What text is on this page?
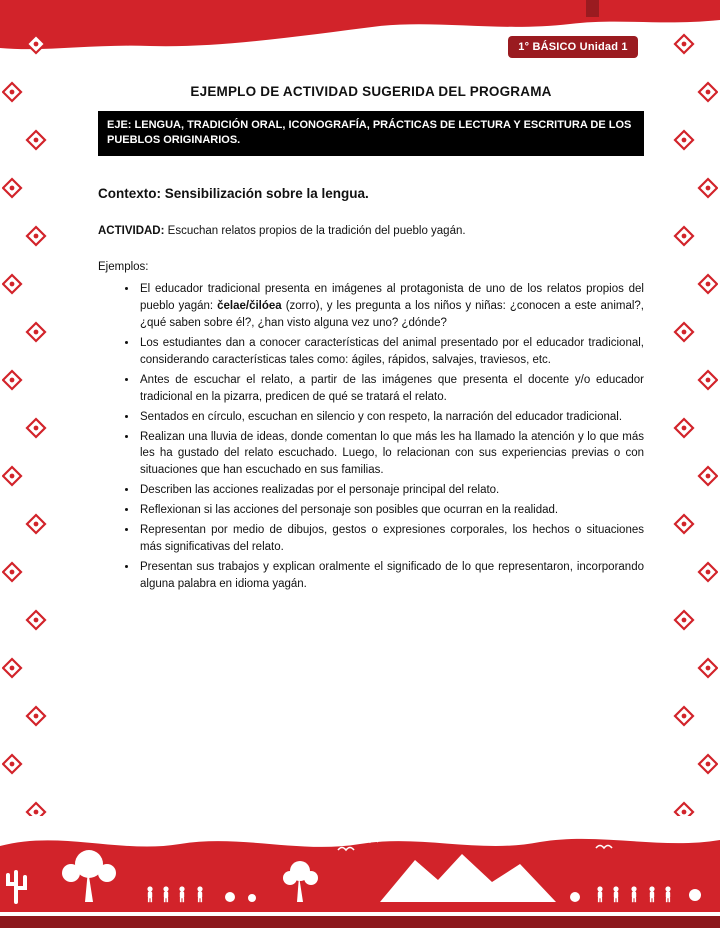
1° BÁSICO Unidad 1
EJEMPLO DE ACTIVIDAD SUGERIDA DEL PROGRAMA
EJE: LENGUA, TRADICIÓN ORAL, ICONOGRAFÍA, PRÁCTICAS DE LECTURA Y ESCRITURA DE LOS PUEBLOS ORIGINARIOS.
Contexto: Sensibilización sobre la lengua.

ACTIVIDAD: Escuchan relatos propios de la tradición del pueblo yagán.

Ejemplos:

• El educador tradicional presenta en imágenes al protagonista de uno de los relatos propios del pueblo yagán: čelae/čilóea (zorro), y les pregunta a los niños y niñas: ¿conocen a este animal?, ¿qué saben sobre él?, ¿han visto alguna vez uno? ¿dónde?
• Los estudiantes dan a conocer características del animal presentado por el educador tradicional, considerando características tales como: ágiles, rápidos, salvajes, traviesos, etc.
• Antes de escuchar el relato, a partir de las imágenes que presenta el docente y/o educador tradicional en la pizarra, predicen de qué se tratará el relato.
• Sentados en círculo, escuchan en silencio y con respeto, la narración del educador tradicional.
• Realizan una lluvia de ideas, donde comentan lo que más les ha llamado la atención y lo que más les ha gustado del relato escuchado. Luego, lo relacionan con sus experiencias previas o con situaciones que han escuchado en sus familias.
• Describen las acciones realizadas por el personaje principal del relato.
• Reflexionan si las acciones del personaje son posibles que ocurran en la realidad.
• Representan por medio de dibujos, gestos o expresiones corporales, los hechos o situaciones más significativas del relato.
• Presentan sus trabajos y explican oralmente el significado de lo que representaron, incorporando alguna palabra en idioma yagán.
